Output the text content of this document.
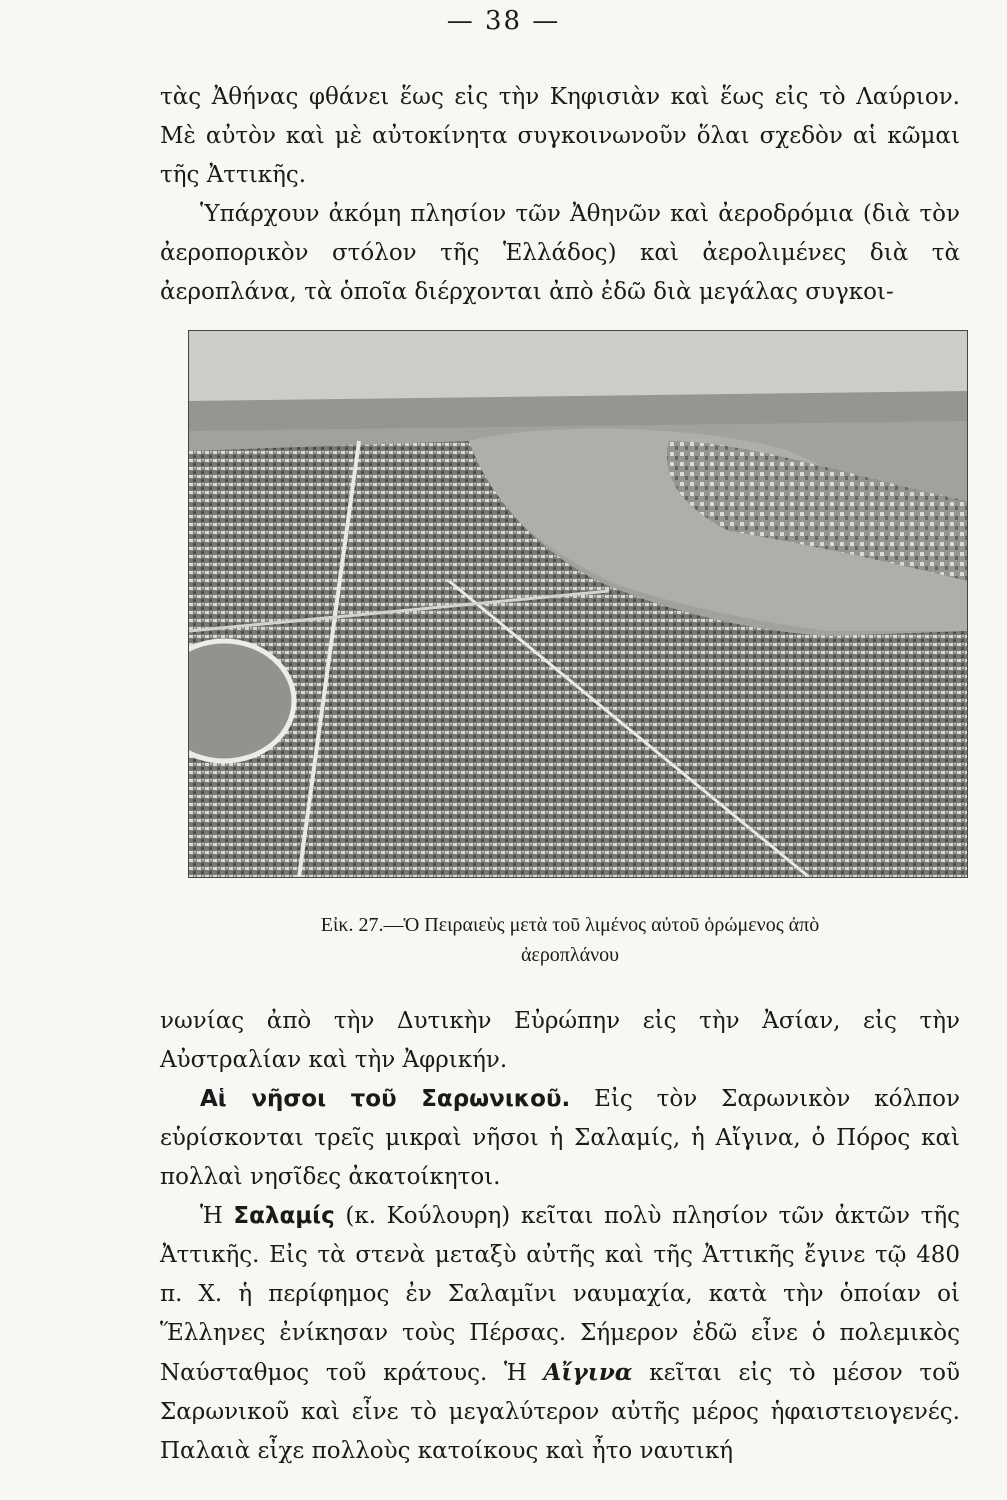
— 38 —

τὰς Ἀθήνας φθάνει ἕως εἰς τὴν Κηφισιὰν καὶ ἕως εἰς τὸ Λαύριον. Μὲ αὐτὸν καὶ μὲ αὐτοκίνητα συγκοινωνοῦν ὅλαι σχεδὸν αἱ κῶμαι τῆς Ἀττικῆς.

Ὑπάρχουν ἀκόμη πλησίον τῶν Ἀθηνῶν καὶ ἀεροδρόμια (διὰ τὸν ἀεροπορικὸν στόλον τῆς Ἑλλάδος) καὶ ἀερολιμένες διὰ τὰ ἀεροπλάνα, τὰ ὁποῖα διέρχονται ἀπὸ ἐδῶ διὰ μεγάλας συγκοι-

Εἰκ. 27.—Ὁ Πειραιεὺς μετὰ τοῦ λιμένος αὐτοῦ ὁρώμενος ἀπὸ
ἀεροπλάνου

νωνίας ἀπὸ τὴν Δυτικὴν Εὐρώπην εἰς τὴν Ἀσίαν, εἰς τὴν Αὐστραλίαν καὶ τὴν Ἀφρικήν.

Αἱ νῆσοι τοῦ Σαρωνικοῦ. Εἰς τὸν Σαρωνικὸν κόλπον εὑρίσκονται τρεῖς μικραὶ νῆσοι ἡ Σαλαμίς, ἡ Αἴγινα, ὁ Πόρος καὶ πολλαὶ νησῖδες ἀκατοίκητοι.

Ἡ Σαλαμίς (κ. Κούλουρη) κεῖται πολὺ πλησίον τῶν ἀκτῶν τῆς Ἀττικῆς. Εἰς τὰ στενὰ μεταξὺ αὐτῆς καὶ τῆς Ἀττικῆς ἔγινε τῷ 480 π. Χ. ἡ περίφημος ἐν Σαλαμῖνι ναυμαχία, κατὰ τὴν ὁποίαν οἱ Ἕλληνες ἐνίκησαν τοὺς Πέρσας. Σήμερον ἐδῶ εἶνε ὁ πολεμικὸς Ναύσταθμος τοῦ κράτους. Ἡ Αἴγινα κεῖται εἰς τὸ μέσον τοῦ Σαρωνικοῦ καὶ εἶνε τὸ μεγαλύτερον αὐτῆς μέρος ἡφαιστειογενές. Παλαιὰ εἶχε πολλοὺς κατοίκους καὶ ἦτο ναυτική
